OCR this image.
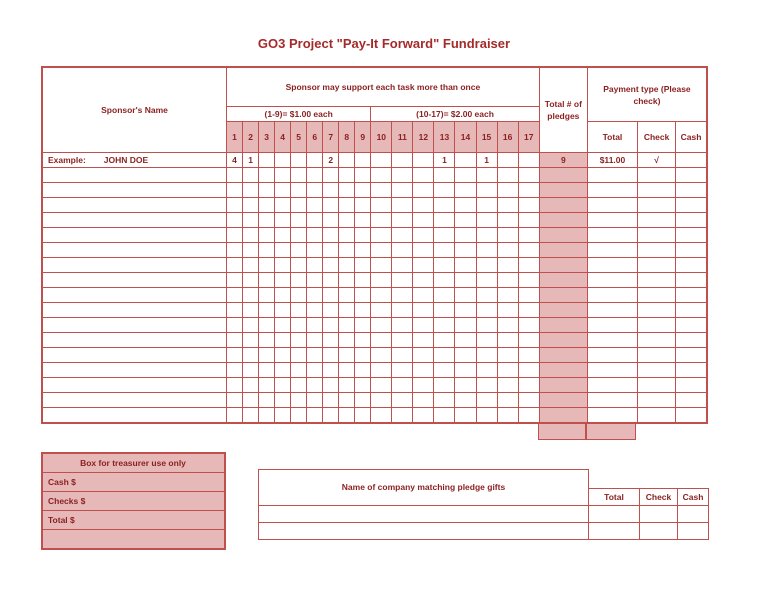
GO3 Project "Pay-It Forward" Fundraiser
Sponsor's Name	Sponsor may support each task more than once																	Total # of pledges	Payment type (Please check)		
	(1-9)= $1.00 each									(10-17)= $2.00 each											
	1	2	3	4	5	6	7	8	9	10	11	12	13	14	15	16	17		Total	Check	Cash
Example: JOHN DOE	4	1					2						1		1			9	$11.00	√	

Box for treasurer use only
Cash $
Checks $
Total $

Name of company matching pledge gifts			
	Total	Check	Cash
